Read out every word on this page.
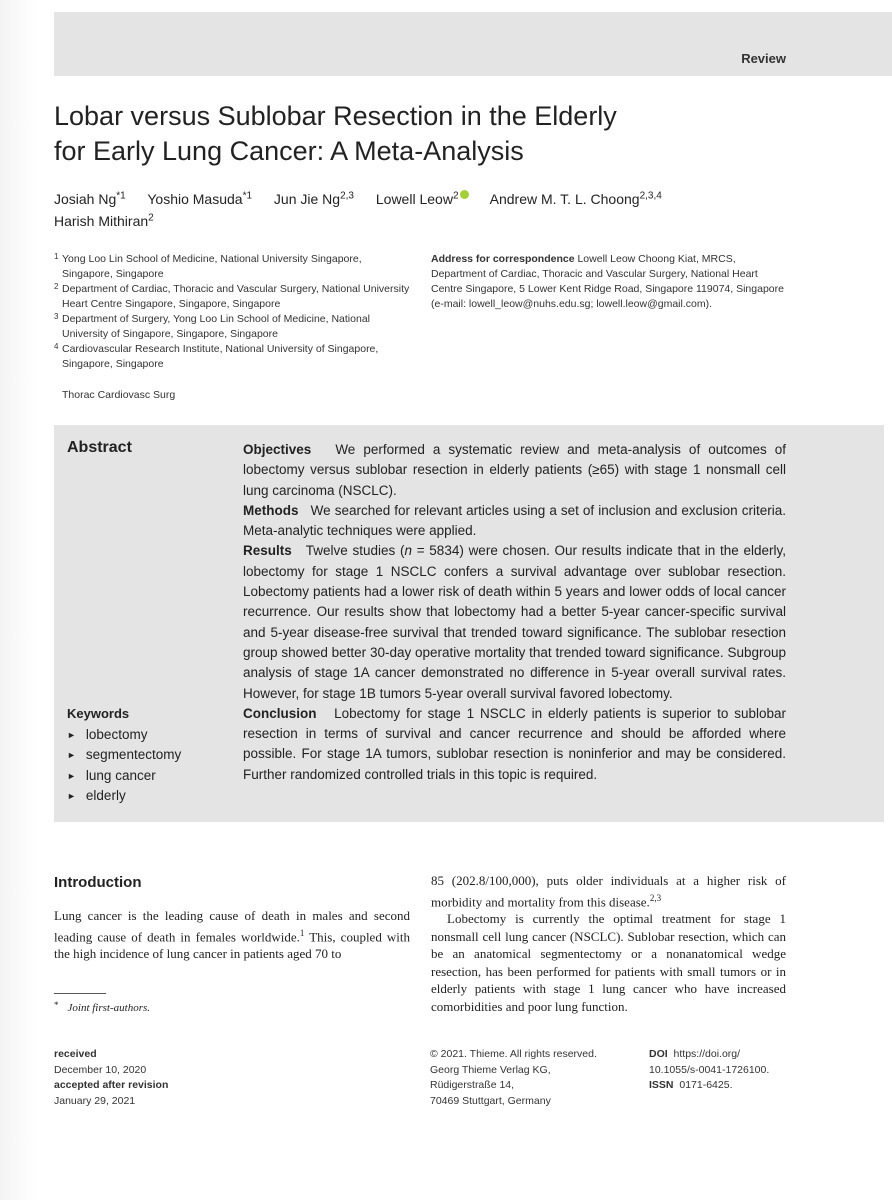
Review
Lobar versus Sublobar Resection in the Elderly
for Early Lung Cancer: A Meta-Analysis
Josiah Ng$^{*1}$ Yoshio Masuda$^{*1}$ Jun Jie Ng$^{2,3}$ Lowell Leow$^2$ Andrew M. T. L. Choong$^{2,3,4}$
Harish Mithiran$^2$
1 Yong Loo Lin School of Medicine, National University Singapore, Singapore, Singapore
2 Department of Cardiac, Thoracic and Vascular Surgery, National University Heart Centre Singapore, Singapore, Singapore
3 Department of Surgery, Yong Loo Lin School of Medicine, National University of Singapore, Singapore, Singapore
4 Cardiovascular Research Institute, National University of Singapore, Singapore, Singapore
Thorac Cardiovasc Surg
Address for correspondence Lowell Leow Choong Kiat, MRCS, Department of Cardiac, Thoracic and Vascular Surgery, National Heart Centre Singapore, 5 Lower Kent Ridge Road, Singapore 119074, Singapore
(e-mail: lowell_leow@nuhs.edu.sg; lowell.leow@gmail.com).
Abstract	Objectives We performed a systematic review and meta-analysis of outcomes of lobectomy versus sublobar resection in elderly patients (≥65) with stage 1 nonsmall cell lung carcinoma (NSCLC).
Methods We searched for relevant articles using a set of inclusion and exclusion criteria. Meta-analytic techniques were applied.
Results Twelve studies (n = 5834) were chosen. Our results indicate that in the elderly, lobectomy for stage 1 NSCLC confers a survival advantage over sublobar resection. Lobectomy patients had a lower risk of death within 5 years and lower odds of local cancer recurrence. Our results show that lobectomy had a better 5-year cancer-specific survival and 5-year disease-free survival that trended toward significance. The sublobar resection group showed better 30-day operative mortality that trended toward significance. Subgroup analysis of stage 1A cancer demonstrated no difference in 5-year overall survival rates. However, for stage 1B tumors 5-year overall survival favored lobectomy.
Conclusion Lobectomy for stage 1 NSCLC in elderly patients is superior to sublobar resection in terms of survival and cancer recurrence and should be afforded where possible. For stage 1A tumors, sublobar resection is noninferior and may be considered. Further randomized controlled trials in this topic is required.
Keywords
► lobectomy
► segmentectomy
► lung cancer
► elderly
Introduction
Lung cancer is the leading cause of death in males and second leading cause of death in females worldwide.$^1$ This, coupled with the high incidence of lung cancer in patients aged 70 to

85 (202.8/100,000), puts older individuals at a higher risk of morbidity and mortality from this disease.$^{2,3}$

Lobectomy is currently the optimal treatment for stage 1 nonsmall cell lung cancer (NSCLC). Sublobar resection, which can be an anatomical segmentectomy or a nonanatomical wedge resection, has been performed for patients with small tumors or in elderly patients with stage 1 lung cancer who have increased comorbidities and poor lung function.

* Joint first-authors.
received
December 10, 2020
accepted after revision
January 29, 2021
© 2021. Thieme. All rights reserved.
Georg Thieme Verlag KG,
Rüdigerstraße 14,
70469 Stuttgart, Germany
DOI https://doi.org/
10.1055/s-0041-1726100.
ISSN 0171-6425.
